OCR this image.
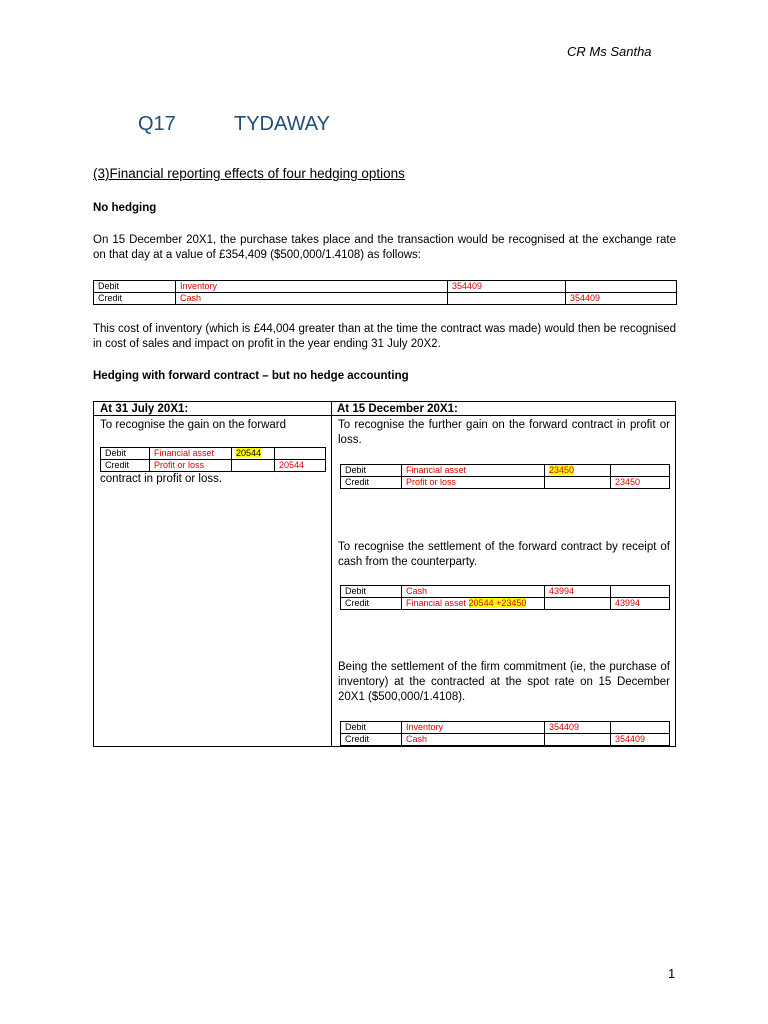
CR Ms Santha
Q17	TYDAWAY
(3)Financial reporting effects of four hedging options
No hedging
On 15 December 20X1, the purchase takes place and the transaction would be recognised at the exchange rate on that day at a value of £354,409 ($500,000/1.4108) as follows:
Debit	Inventory	354409	
Credit	Cash		354409
This cost of inventory (which is £44,004 greater than at the time the contract was made) would then be recognised in cost of sales and impact on profit in the year ending 31 July 20X2.
Hedging with forward contract – but no hedge accounting
At 31 July 20X1:	At 15 December 20X1:
To recognise the gain on the forward
Debit	Financial asset	20544	
Credit	Profit or loss		20544
contract in profit or loss.
To recognise the further gain on the forward contract in profit or loss.
Debit	Financial asset	23450	
Credit	Profit or loss		23450
To recognise the settlement of the forward contract by receipt of cash from the counterparty.
Debit	Cash	43994	
Credit	Financial asset 20544 +23450		43994
Being the settlement of the firm commitment (ie, the purchase of inventory) at the contracted at the spot rate on 15 December 20X1 ($500,000/1.4108).
Debit	Inventory	354409	
Credit	Cash		354409
1
